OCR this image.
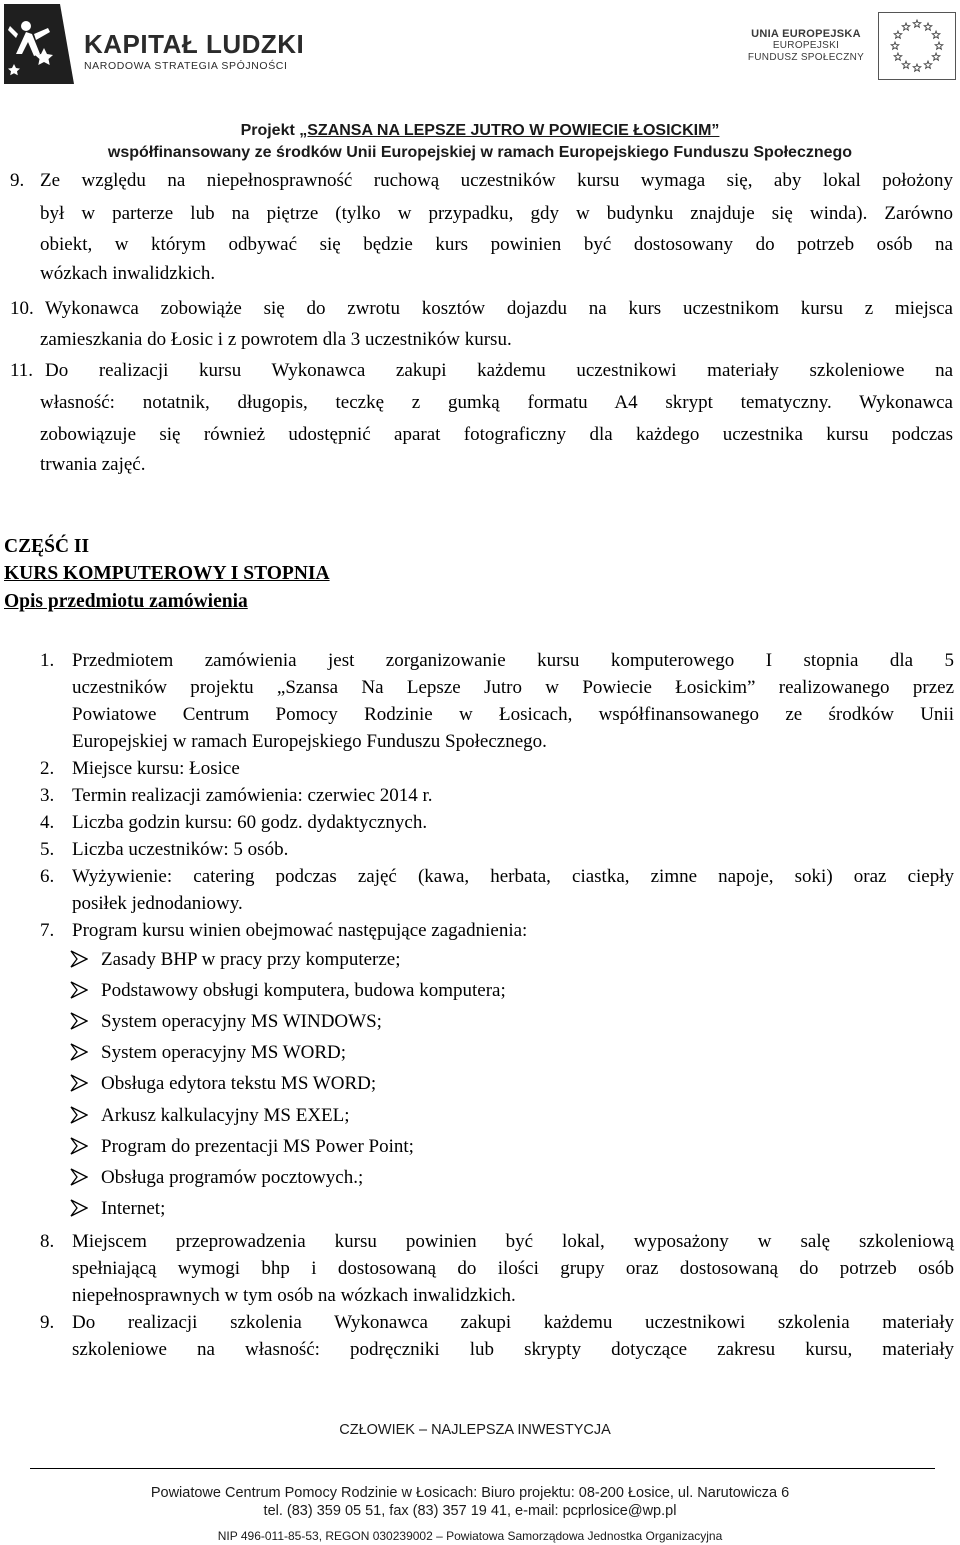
KAPITAŁ LUDZKI
NARODOWA STRATEGIA SPÓJNOŚCI
UNIA EUROPEJSKA
EUROPEJSKI
FUNDUSZ SPOŁECZNY
Projekt „SZANSA NA LEPSZE JUTRO W POWIECIE ŁOSICKIM”
współfinansowany ze środków Unii Europejskiej w ramach Europejskiego Funduszu Społecznego
9. Ze względu na niepełnosprawność ruchową uczestników kursu wymaga się, aby lokal położony
był w parterze lub na piętrze (tylko w przypadku, gdy w budynku znajduje się winda). Zarówno
obiekt, w którym odbywać się będzie kurs powinien być dostosowany do potrzeb osób na
wózkach inwalidzkich.
10. Wykonawca zobowiąże się do zwrotu kosztów dojazdu na kurs uczestnikom kursu z miejsca
zamieszkania do Łosic i z powrotem dla 3 uczestników kursu.
11. Do realizacji kursu Wykonawca zakupi każdemu uczestnikowi materiały szkoleniowe na
własność: notatnik, długopis, teczkę z gumką formatu A4 skrypt tematyczny. Wykonawca
zobowiązuje się również udostępnić aparat fotograficzny dla każdego uczestnika kursu podczas
trwania zajęć.
CZĘŚĆ II
KURS KOMPUTEROWY I STOPNIA
Opis przedmiotu zamówienia
1. Przedmiotem zamówienia jest zorganizowanie kursu komputerowego I stopnia dla 5
uczestników projektu „Szansa Na Lepsze Jutro w Powiecie Łosickim” realizowanego przez
Powiatowe Centrum Pomocy Rodzinie w Łosicach, współfinansowanego ze środków Unii
Europejskiej w ramach Europejskiego Funduszu Społecznego.
2. Miejsce kursu: Łosice
3. Termin realizacji zamówienia: czerwiec 2014 r.
4. Liczba godzin kursu: 60 godz. dydaktycznych.
5. Liczba uczestników: 5 osób.
6. Wyżywienie: catering podczas zajęć (kawa, herbata, ciastka, zimne napoje, soki) oraz ciepły
posiłek jednodaniowy.
7. Program kursu winien obejmować następujące zagadnienia:
Zasady BHP w pracy przy komputerze;
Podstawowy obsługi komputera, budowa komputera;
System operacyjny MS WINDOWS;
System operacyjny MS WORD;
Obsługa edytora tekstu MS WORD;
Arkusz kalkulacyjny MS EXEL;
Program do prezentacji MS Power Point;
Obsługa programów pocztowych.;
Internet;
8. Miejscem przeprowadzenia kursu powinien być lokal, wyposażony w salę szkoleniową
spełniającą wymogi bhp i dostosowaną do ilości grupy oraz dostosowaną do potrzeb osób
niepełnosprawnych w tym osób na wózkach inwalidzkich.
9. Do realizacji szkolenia Wykonawca zakupi każdemu uczestnikowi szkolenia materiały
szkoleniowe na własność: podręczniki lub skrypty dotyczące zakresu kursu, materiały
CZŁOWIEK – NAJLEPSZA INWESTYCJA
Powiatowe Centrum Pomocy Rodzinie w Łosicach: Biuro projektu: 08-200 Łosice, ul. Narutowicza 6
tel. (83) 359 05 51, fax (83) 357 19 41, e-mail: pcprlosice@wp.pl
NIP 496-011-85-53, REGON 030239002 – Powiatowa Samorządowa Jednostka Organizacyjna
